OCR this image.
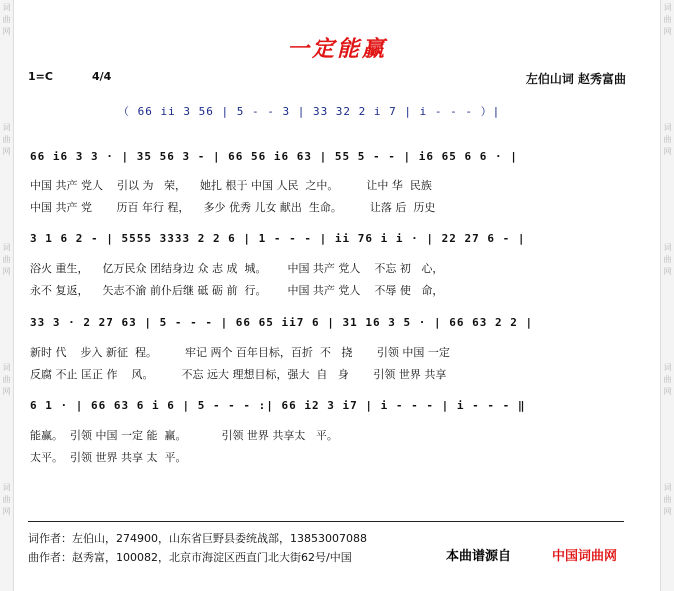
词曲网
词曲网
词曲网
词曲网
词曲网
词曲网
词曲网
词曲网
词曲网
词曲网
一定能赢
1=C	4/4	左伯山词 赵秀富曲
（ 66 ii 3 56 | 5 - - 3 | 33 32 2 i 7 | i - - - ）|
66 i6 3 3 · | 35 56 3 - | 66 56 i6 63 | 55 5 - - | i6 65 6 6 · |
中国 共产 党人    引以 为   荣，    她扎 根于 中国 人民  之中。        让中 华  民族
中国 共产 党       历百 年行 程，    多少 优秀 儿女 献出  生命。        让落 后  历史
3 1 6 2 - | 5555 3333 2 2 6 | 1 - - - | ii 76 i i · | 22 27 6 - |
浴火 重生，    亿万民众 团结身边 众 志 成  城。      中国 共产 党人    不忘 初   心，
永不 复返，    矢志不渝 前仆后继 砥 砺 前  行。      中国 共产 党人    不辱 使   命，
33 3 · 2 27 63 | 5 - - - | 66 65 ii7 6 | 31 16 3 5 · | 66 63 2 2 |
新时 代    步入 新征  程。        牢记 两个 百年目标，百折  不   挠       引领 中国 一定
反腐 不止 匡正 作    风。        不忘 远大 理想目标，强大  自   身       引领 世界 共享
6 1 · | 66 63 6 i 6 | 5 - - - :| 66 i2 3 i7 | i - - - | i - - - ‖
能赢。  引领 中国 一定 能  赢。          引领 世界 共享太   平。
太平。  引领 世界 共享 太  平。
词作者：左伯山，274900，山东省巨野县委统战部，13853007088
曲作者：赵秀富，100082，北京市海淀区西直门北大街62号/中国	本曲谱源自	中国词曲网
